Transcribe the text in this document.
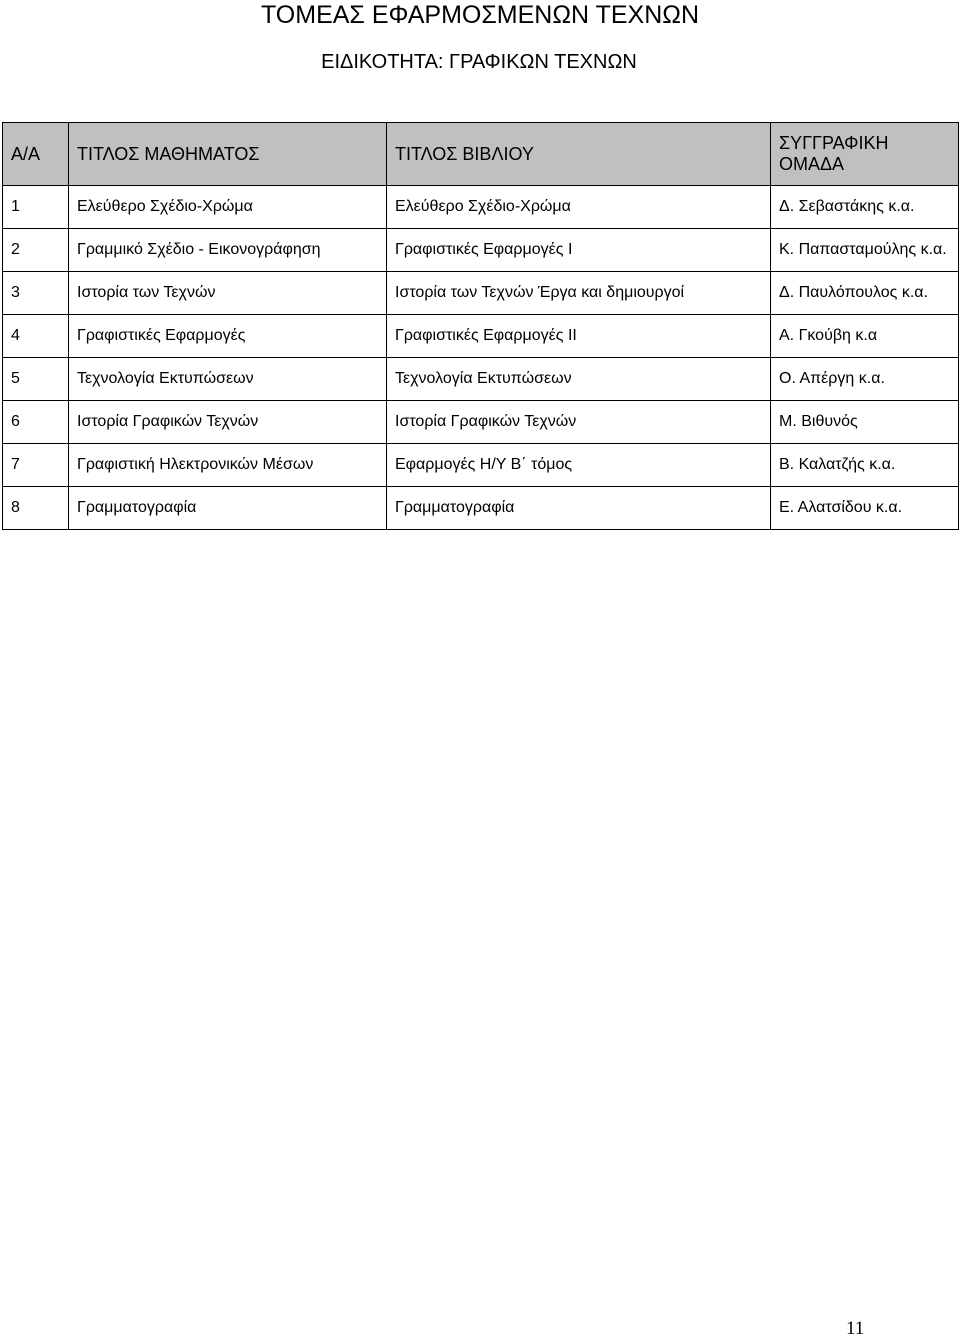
ΤΟΜΕΑΣ ΕΦΑΡΜΟΣΜΕΝΩΝ ΤΕΧΝΩΝ
ΕΙΔΙΚΟΤΗΤΑ: ΓΡΑΦΙΚΩΝ ΤΕΧΝΩΝ
Α/Α	ΤΙΤΛΟΣ ΜΑΘΗΜΑΤΟΣ	ΤΙΤΛΟΣ ΒΙΒΛΙΟΥ	ΣΥΓΓΡΑΦΙΚΗ ΟΜΑΔΑ
1	Ελεύθερο Σχέδιο-Χρώμα	Ελεύθερο Σχέδιο-Χρώμα	Δ. Σεβαστάκης κ.α.
2	Γραμμικό Σχέδιο - Εικονογράφηση	Γραφιστικές Εφαρμογές Ι	Κ. Παπασταμούλης κ.α.
3	Ιστορία των Τεχνών	Ιστορία των Τεχνών Έργα και δημιουργοί	Δ. Παυλόπουλος κ.α.
4	Γραφιστικές Εφαρμογές	Γραφιστικές Εφαρμογές ΙΙ	Α. Γκούβη κ.α
5	Τεχνολογία Εκτυπώσεων	Τεχνολογία Εκτυπώσεων	Ο. Απέργη κ.α.
6	Ιστορία Γραφικών Τεχνών	Ιστορία Γραφικών Τεχνών	Μ. Βιθυνός
7	Γραφιστική Ηλεκτρονικών Μέσων	Εφαρμογές Η/Υ Β΄ τόμος	Β. Καλατζής κ.α.
8	Γραμματογραφία	Γραμματογραφία	Ε. Αλατσίδου κ.α.
11
